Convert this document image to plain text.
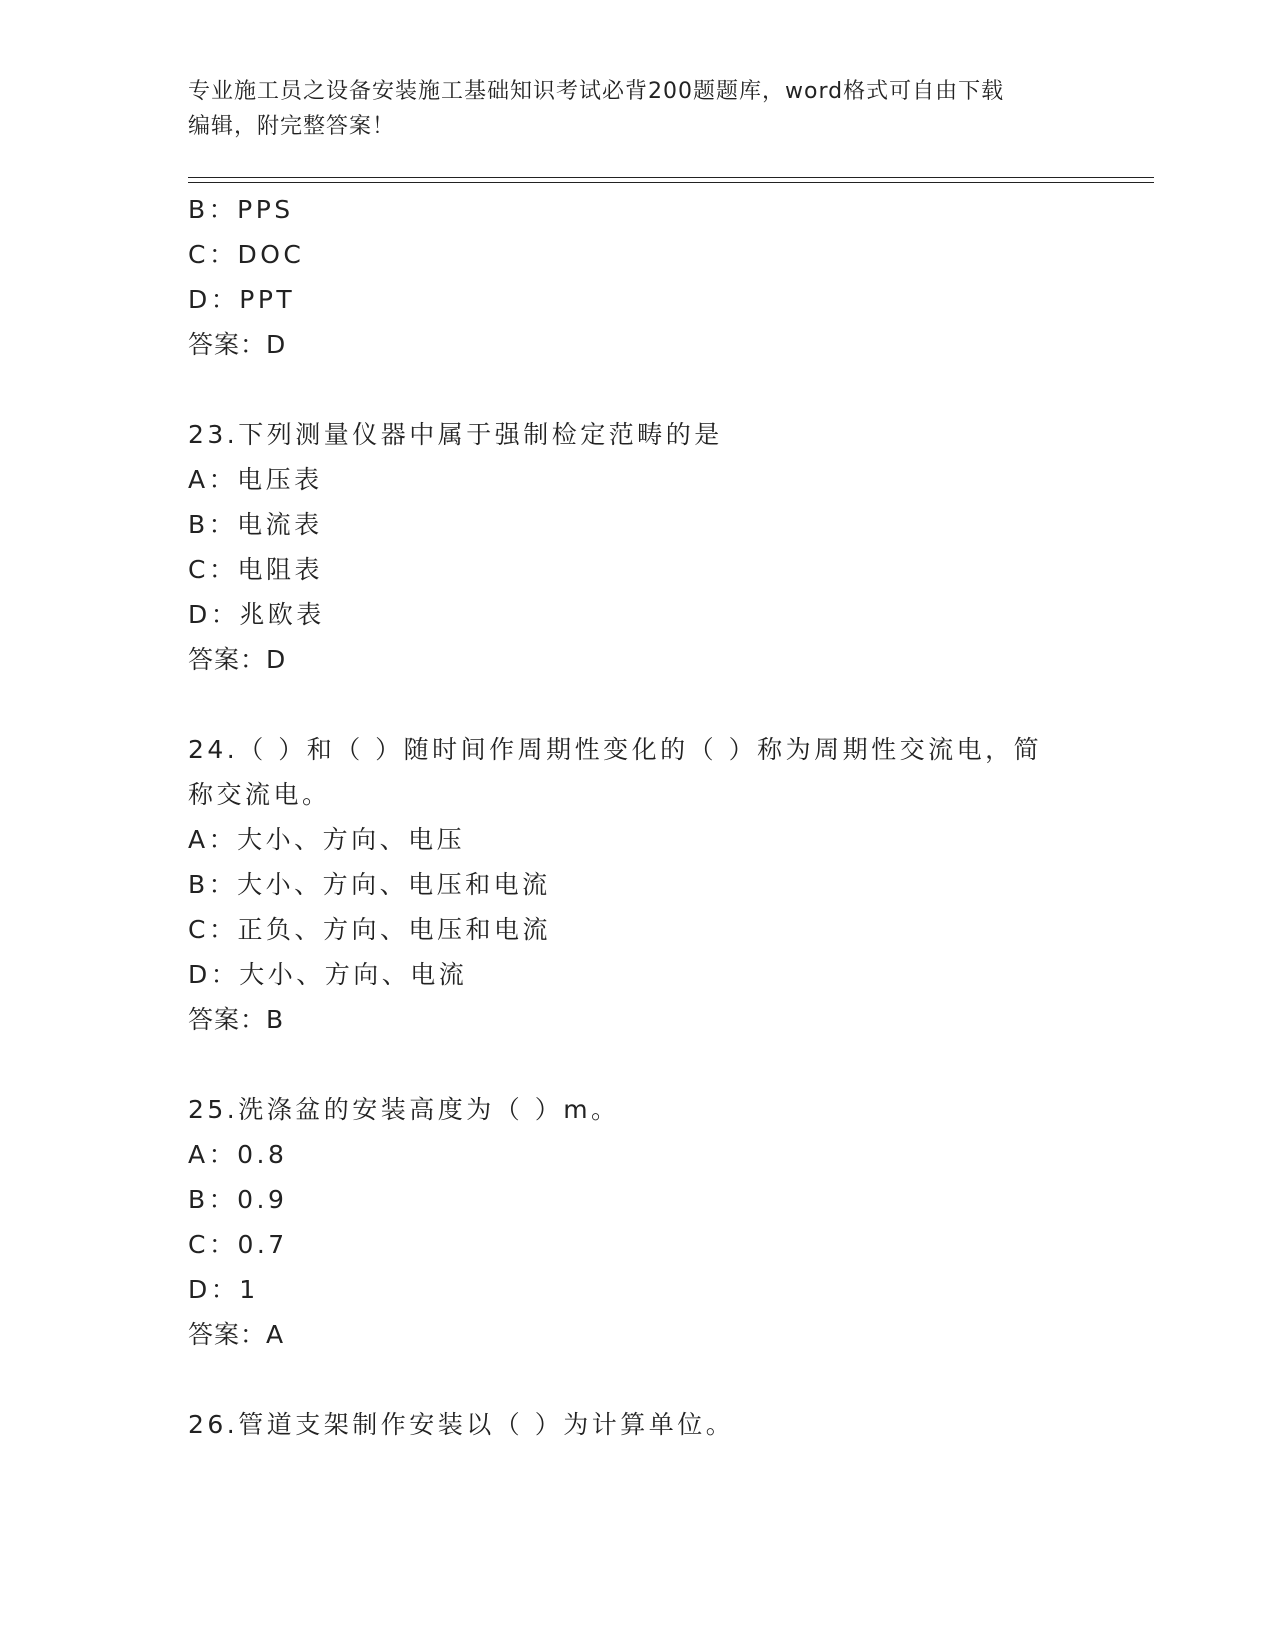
专业施工员之设备安装施工基础知识考试必背200题题库，word格式可自由下载
编辑，附完整答案！
B：PPS
C：DOC
D：PPT
答案：D
23.下列测量仪器中属于强制检定范畴的是
A：电压表
B：电流表
C：电阻表
D：兆欧表
答案：D
24.（ ）和（ ）随时间作周期性变化的（ ）称为周期性交流电，简
称交流电。
A：大小、方向、电压
B：大小、方向、电压和电流
C：正负、方向、电压和电流
D：大小、方向、电流
答案：B
25.洗涤盆的安装高度为（ ）m。
A：0.8
B：0.9
C：0.7
D：1
答案：A
26.管道支架制作安装以（ ）为计算单位。
